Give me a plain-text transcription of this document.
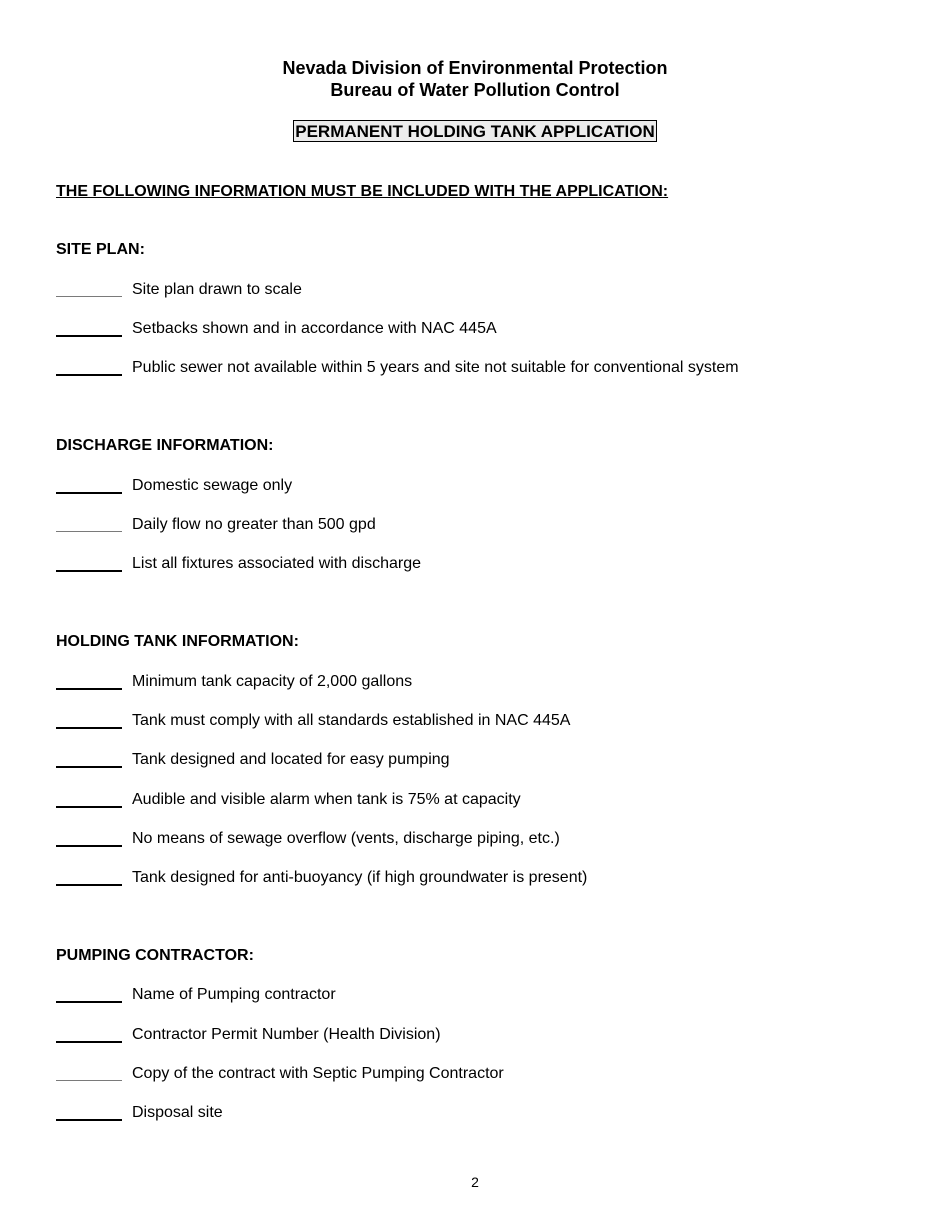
Nevada Division of Environmental Protection
Bureau of Water Pollution Control
PERMANENT HOLDING TANK APPLICATION
THE FOLLOWING INFORMATION MUST BE INCLUDED WITH THE APPLICATION:
SITE PLAN:
Site plan drawn to scale
Setbacks shown and in accordance with NAC 445A
Public sewer not available within 5 years and site not suitable for conventional system
DISCHARGE INFORMATION:
Domestic sewage only
Daily flow no greater than 500 gpd
List all fixtures associated with discharge
HOLDING TANK INFORMATION:
Minimum tank capacity of 2,000 gallons
Tank must comply with all standards established in NAC 445A
Tank designed and located for easy pumping
Audible and visible alarm when tank is 75% at capacity
No means of sewage overflow (vents, discharge piping, etc.)
Tank designed for anti-buoyancy (if high groundwater is present)
PUMPING CONTRACTOR:
Name of Pumping contractor
Contractor Permit Number (Health Division)
Copy of the contract with Septic Pumping Contractor
Disposal site
2
